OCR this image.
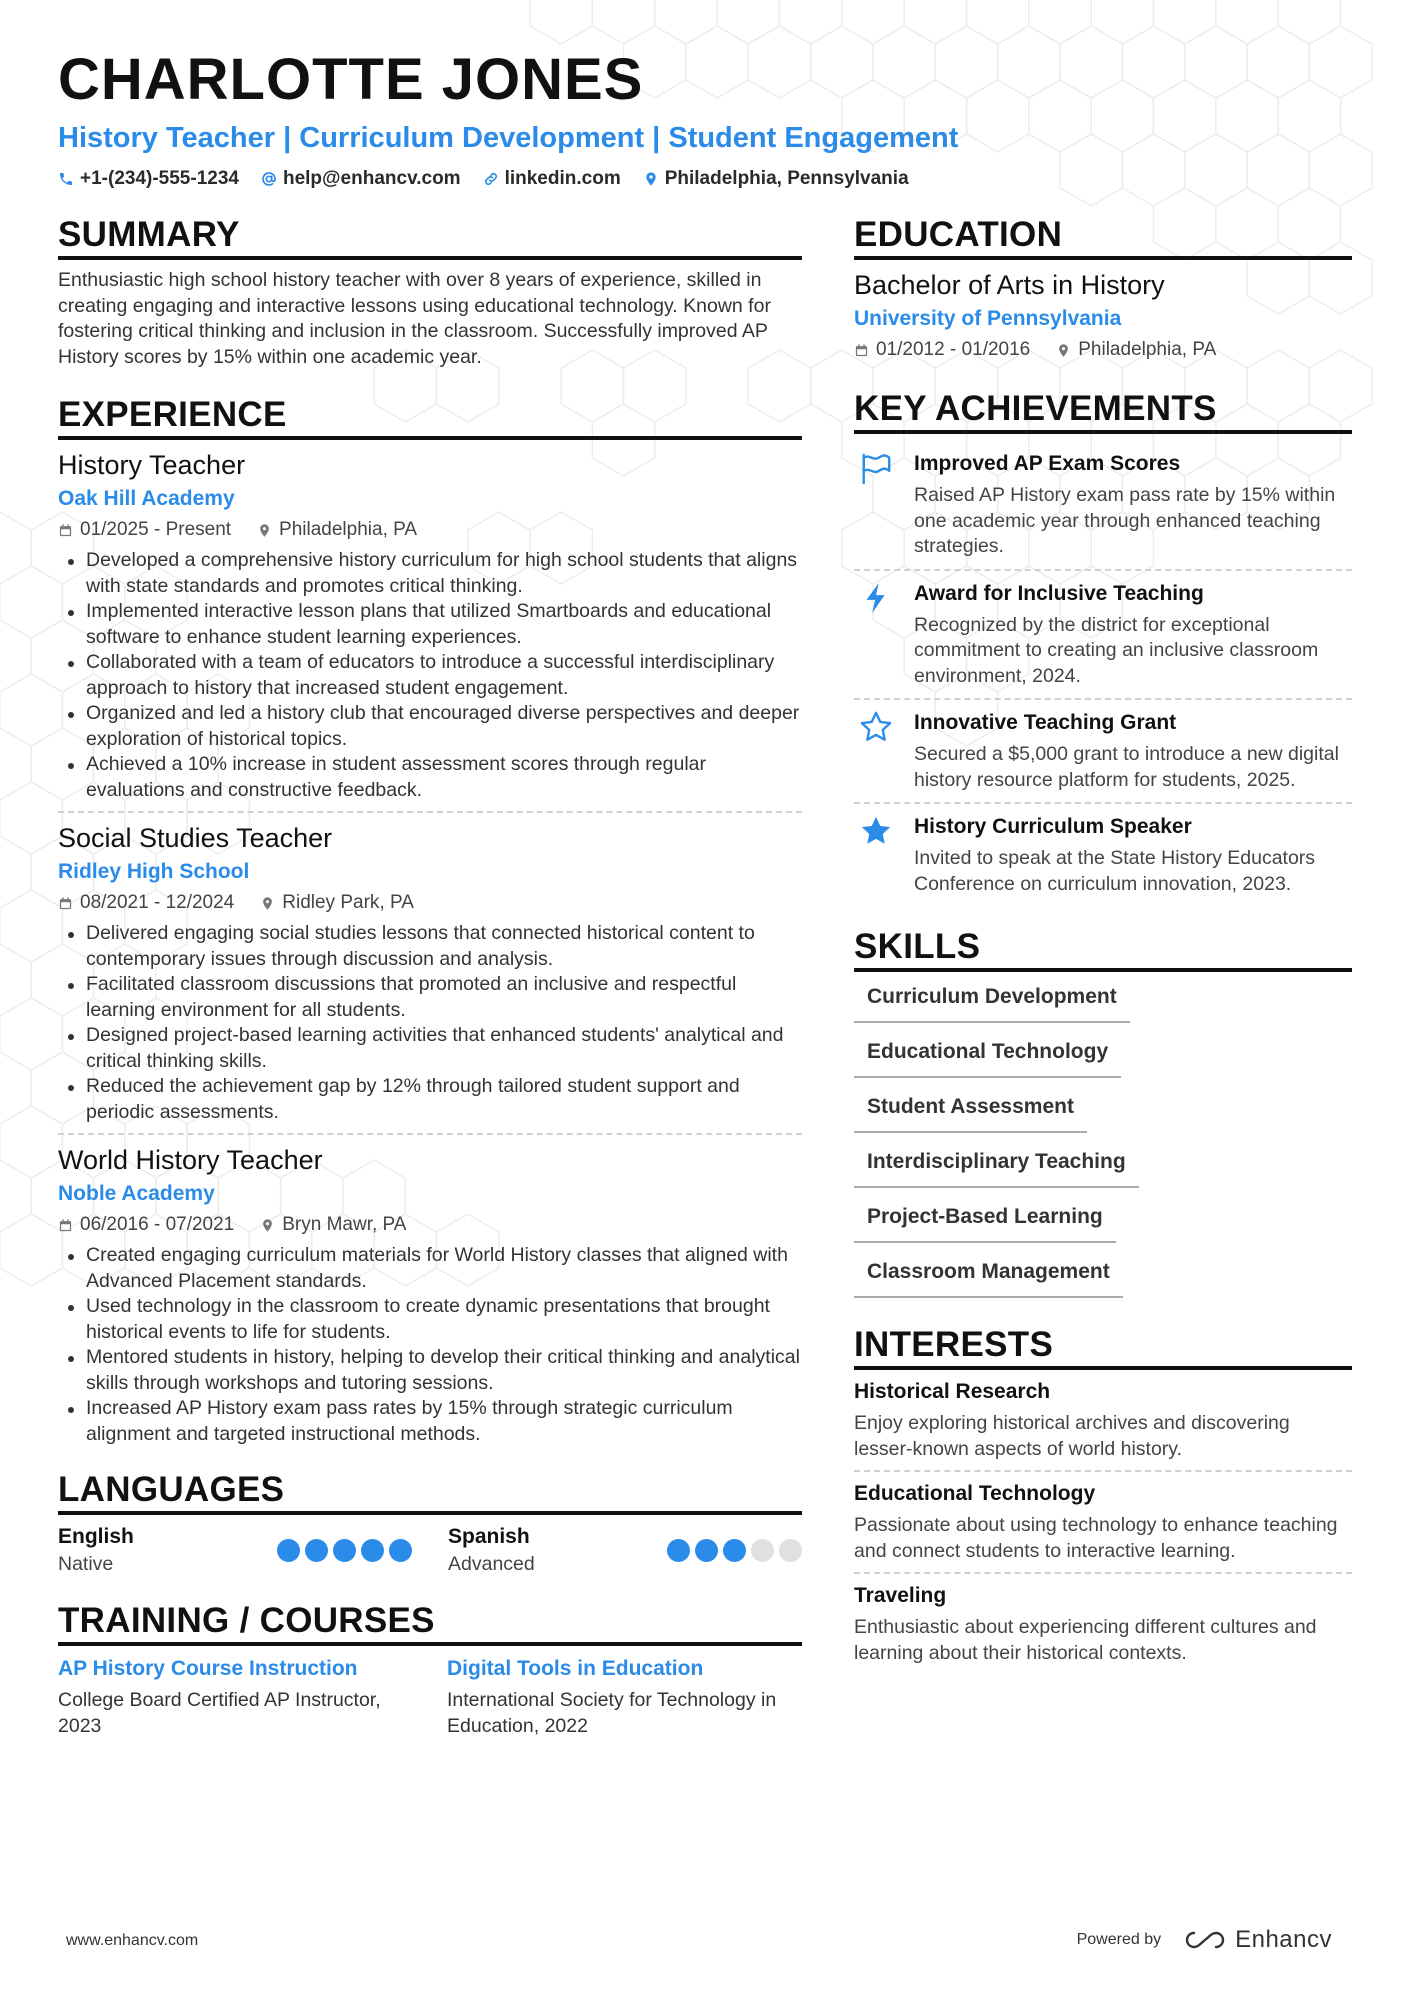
CHARLOTTE JONES
History Teacher | Curriculum Development | Student Engagement
+1-(234)-555-1234 help@enhancv.com linkedin.com Philadelphia, Pennsylvania
SUMMARY
Enthusiastic high school history teacher with over 8 years of experience, skilled in creating engaging and interactive lessons using educational technology. Known for fostering critical thinking and inclusion in the classroom. Successfully improved AP History scores by 15% within one academic year.
EXPERIENCE
History Teacher
Oak Hill Academy
01/2025 - Present	Philadelphia, PA
Developed a comprehensive history curriculum for high school students that aligns with state standards and promotes critical thinking.
Implemented interactive lesson plans that utilized Smartboards and educational software to enhance student learning experiences.
Collaborated with a team of educators to introduce a successful interdisciplinary approach to history that increased student engagement.
Organized and led a history club that encouraged diverse perspectives and deeper exploration of historical topics.
Achieved a 10% increase in student assessment scores through regular evaluations and constructive feedback.
Social Studies Teacher
Ridley High School
08/2021 - 12/2024	Ridley Park, PA
Delivered engaging social studies lessons that connected historical content to contemporary issues through discussion and analysis.
Facilitated classroom discussions that promoted an inclusive and respectful learning environment for all students.
Designed project-based learning activities that enhanced students' analytical and critical thinking skills.
Reduced the achievement gap by 12% through tailored student support and periodic assessments.
World History Teacher
Noble Academy
06/2016 - 07/2021	Bryn Mawr, PA
Created engaging curriculum materials for World History classes that aligned with Advanced Placement standards.
Used technology in the classroom to create dynamic presentations that brought historical events to life for students.
Mentored students in history, helping to develop their critical thinking and analytical skills through workshops and tutoring sessions.
Increased AP History exam pass rates by 15% through strategic curriculum alignment and targeted instructional methods.
LANGUAGES
English
Native
Spanish
Advanced
TRAINING / COURSES
AP History Course Instruction
College Board Certified AP Instructor, 2023
Digital Tools in Education
International Society for Technology in Education, 2022
EDUCATION
Bachelor of Arts in History
University of Pennsylvania
01/2012 - 01/2016	Philadelphia, PA
KEY ACHIEVEMENTS
Improved AP Exam Scores
Raised AP History exam pass rate by 15% within one academic year through enhanced teaching strategies.
Award for Inclusive Teaching
Recognized by the district for exceptional commitment to creating an inclusive classroom environment, 2024.
Innovative Teaching Grant
Secured a $5,000 grant to introduce a new digital history resource platform for students, 2025.
History Curriculum Speaker
Invited to speak at the State History Educators Conference on curriculum innovation, 2023.
SKILLS
Curriculum Development
Educational Technology
Student Assessment
Interdisciplinary Teaching
Project-Based Learning
Classroom Management
INTERESTS
Historical Research
Enjoy exploring historical archives and discovering lesser-known aspects of world history.
Educational Technology
Passionate about using technology to enhance teaching and connect students to interactive learning.
Traveling
Enthusiastic about experiencing different cultures and learning about their historical contexts.
www.enhancv.com	Powered by	Enhancv
